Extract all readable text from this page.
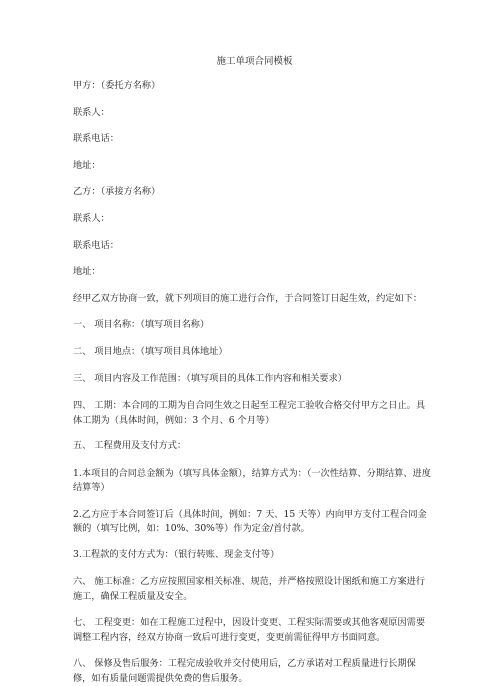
施工单项合同模板
甲方：（委托方名称）
联系人：
联系电话：
地址：
乙方：（承接方名称）
联系人：
联系电话：
地址：
经甲乙双方协商一致，就下列项目的施工进行合作，于合同签订日起生效，约定如下：
一、 项目名称：（填写项目名称）
二、 项目地点：（填写项目具体地址）
三、 项目内容及工作范围：（填写项目的具体工作内容和相关要求）
四、 工期：本合同的工期为自合同生效之日起至工程完工验收合格交付甲方之日止。具体工期为（具体时间，例如：3 个月、6 个月等）
五、 工程费用及支付方式：
1.本项目的合同总金额为（填写具体金额），结算方式为：（一次性结算、分期结算、进度结算等）
2.乙方应于本合同签订后（具体时间，例如：7 天、15 天等）内向甲方支付工程合同金额的（填写比例，如：10%、30%等）作为定金/首付款。
3.工程款的支付方式为：（银行转账、现金支付等）
六、 施工标准：乙方应按照国家相关标准、规范，并严格按照设计图纸和施工方案进行施工，确保工程质量及安全。
七、 工程变更：如在工程施工过程中，因设计变更、工程实际需要或其他客观原因需要调整工程内容，经双方协商一致后可进行变更，变更前需征得甲方书面同意。
八、 保修及售后服务：工程完成验收并交付使用后，乙方承诺对工程质量进行长期保修，如有质量问题需提供免费的售后服务。
